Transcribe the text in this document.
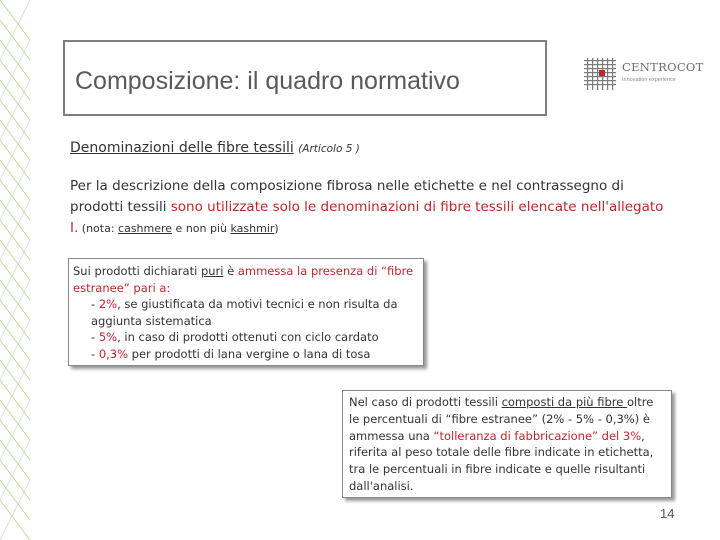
Composizione: il quadro normativo	CENTROCOT
Innovation experience
Denominazioni delle fibre tessili (Articolo 5 )
Per la descrizione della composizione fibrosa nelle etichette e nel contrassegno di prodotti tessili sono utilizzate solo le denominazioni di fibre tessili elencate nell'allegato I. (nota: cashmere e non più kashmir)
Sui prodotti dichiarati puri è ammessa la presenza di “fibre estranee” pari a:
- 2%, se giustificata da motivi tecnici e non risulta da aggiunta sistematica
- 5%, in caso di prodotti ottenuti con ciclo cardato
- 0,3% per prodotti di lana vergine o lana di tosa
Nel caso di prodotti tessili composti da più fibre oltre le percentuali di “fibre estranee” (2% - 5% - 0,3%) è ammessa una “tolleranza di fabbricazione” del 3%, riferita al peso totale delle fibre indicate in etichetta, tra le percentuali in fibre indicate e quelle risultanti dall'analisi.
14
